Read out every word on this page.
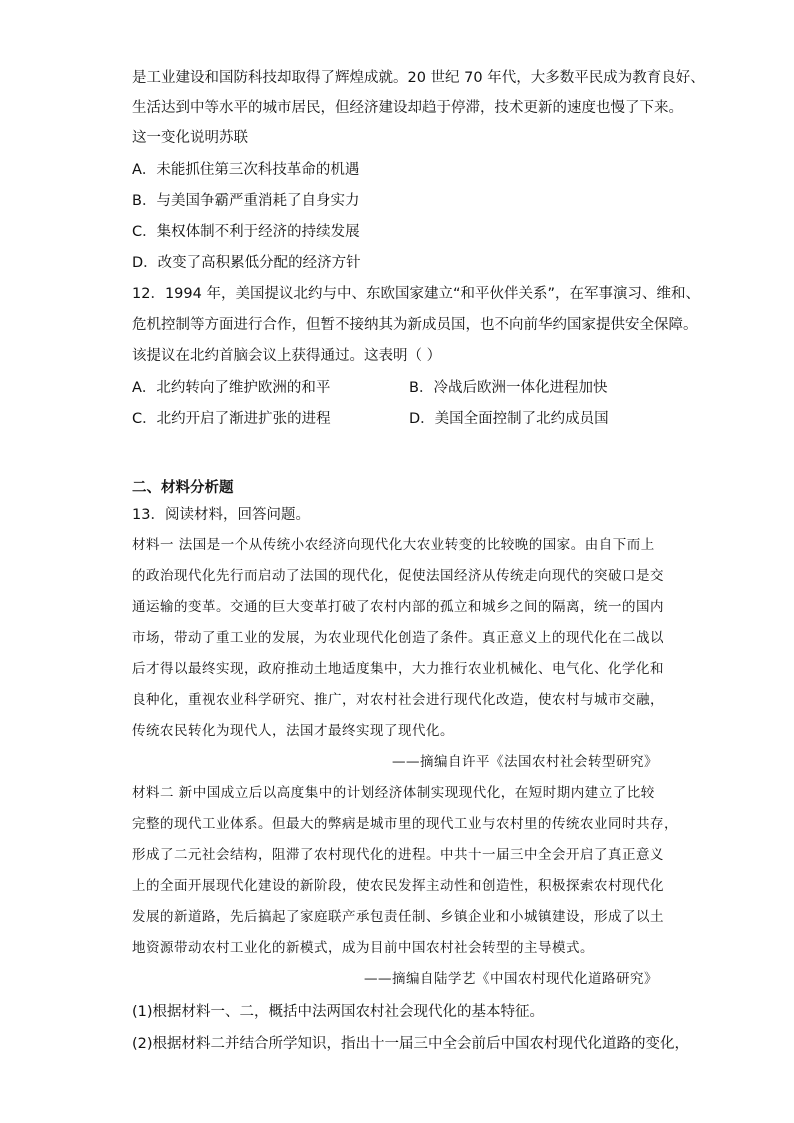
是工业建设和国防科技却取得了辉煌成就。20 世纪 70 年代，大多数平民成为教育良好、
生活达到中等水平的城市居民，但经济建设却趋于停滞，技术更新的速度也慢了下来。
这一变化说明苏联
A．未能抓住第三次科技革命的机遇
B．与美国争霸严重消耗了自身实力
C．集权体制不利于经济的持续发展
D．改变了高积累低分配的经济方针
12．1994 年，美国提议北约与中、东欧国家建立“和平伙伴关系”，在军事演习、维和、
危机控制等方面进行合作，但暂不接纳其为新成员国，也不向前华约国家提供安全保障。
该提议在北约首脑会议上获得通过。这表明（ ）
A．北约转向了维护欧洲的和平	B．冷战后欧洲一体化进程加快
C．北约开启了渐进扩张的进程	D．美国全面控制了北约成员国
二、材料分析题
13．阅读材料，回答问题。
材料一 法国是一个从传统小农经济向现代化大农业转变的比较晚的国家。由自下而上
的政治现代化先行而启动了法国的现代化，促使法国经济从传统走向现代的突破口是交
通运输的变革。交通的巨大变革打破了农村内部的孤立和城乡之间的隔离，统一的国内
市场，带动了重工业的发展，为农业现代化创造了条件。真正意义上的现代化在二战以
后才得以最终实现，政府推动土地适度集中，大力推行农业机械化、电气化、化学化和
良种化，重视农业科学研究、推广，对农村社会进行现代化改造，使农村与城市交融，
传统农民转化为现代人，法国才最终实现了现代化。
——摘编自许平《法国农村社会转型研究》
材料二 新中国成立后以高度集中的计划经济体制实现现代化，在短时期内建立了比较
完整的现代工业体系。但最大的弊病是城市里的现代工业与农村里的传统农业同时共存，
形成了二元社会结构，阻滞了农村现代化的进程。中共十一届三中全会开启了真正意义
上的全面开展现代化建设的新阶段，使农民发挥主动性和创造性，积极探索农村现代化
发展的新道路，先后搞起了家庭联产承包责任制、乡镇企业和小城镇建设，形成了以土
地资源带动农村工业化的新模式，成为目前中国农村社会转型的主导模式。
——摘编自陆学艺《中国农村现代化道路研究》
(1)根据材料一、二，概括中法两国农村社会现代化的基本特征。
(2)根据材料二并结合所学知识，指出十一届三中全会前后中国农村现代化道路的变化，
